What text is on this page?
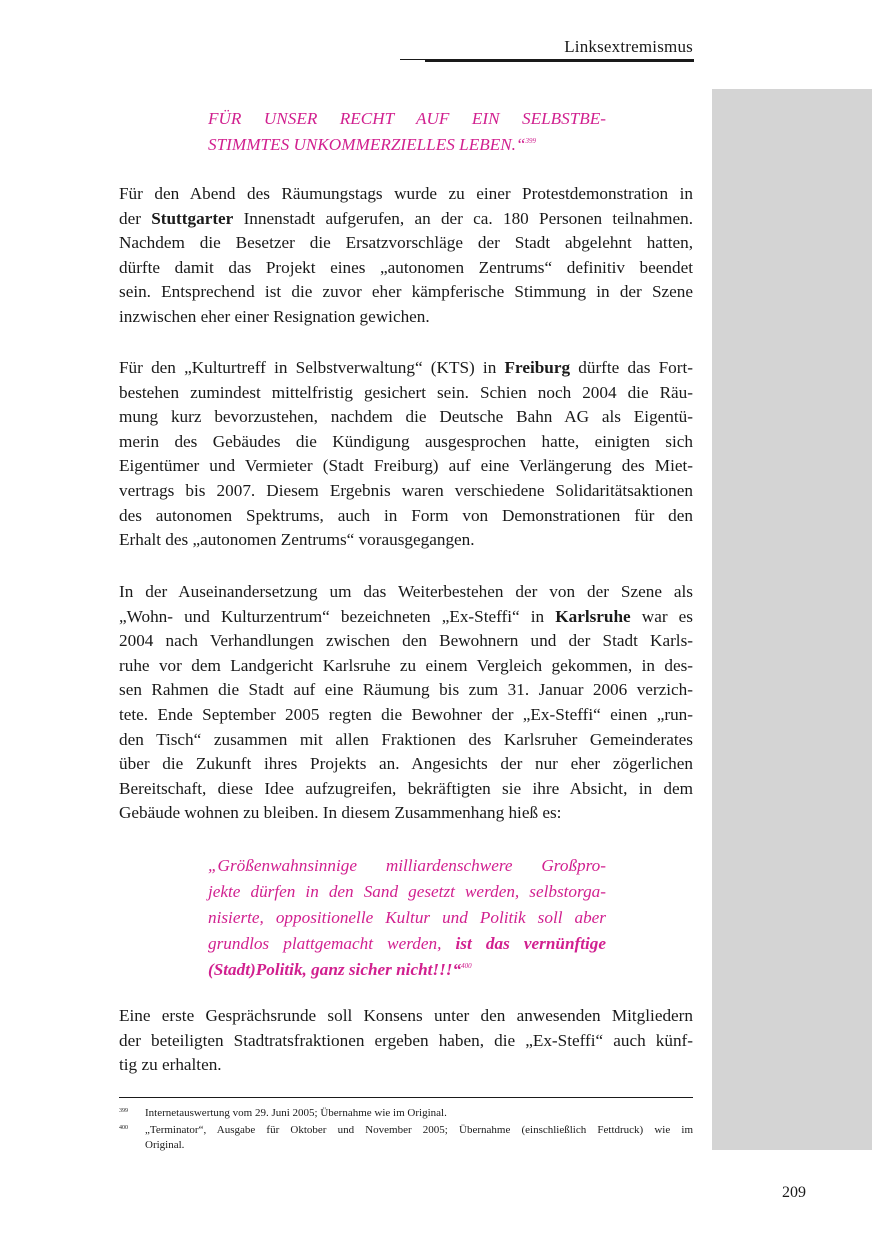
Linksextremismus
FÜR UNSER RECHT AUF EIN SELBSTBE-
STIMMTES UNKOMMERZIELLES LEBEN.“$^{399}$
Für den Abend des Räumungstags wurde zu einer Protestdemonstration in
der Stuttgarter Innenstadt aufgerufen, an der ca. 180 Personen teilnahmen.
Nachdem die Besetzer die Ersatzvorschläge der Stadt abgelehnt hatten,
dürfte damit das Projekt eines „autonomen Zentrums“ definitiv beendet
sein. Entsprechend ist die zuvor eher kämpferische Stimmung in der Szene
inzwischen eher einer Resignation gewichen.
Für den „Kulturtreff in Selbstverwaltung“ (KTS) in Freiburg dürfte das Fort-
bestehen zumindest mittelfristig gesichert sein. Schien noch 2004 die Räu-
mung kurz bevorzustehen, nachdem die Deutsche Bahn AG als Eigentü-
merin des Gebäudes die Kündigung ausgesprochen hatte, einigten sich
Eigentümer und Vermieter (Stadt Freiburg) auf eine Verlängerung des Miet-
vertrags bis 2007. Diesem Ergebnis waren verschiedene Solidaritätsaktionen
des autonomen Spektrums, auch in Form von Demonstrationen für den
Erhalt des „autonomen Zentrums“ vorausgegangen.
In der Auseinandersetzung um das Weiterbestehen der von der Szene als
„Wohn- und Kulturzentrum“ bezeichneten „Ex-Steffi“ in Karlsruhe war es
2004 nach Verhandlungen zwischen den Bewohnern und der Stadt Karls-
ruhe vor dem Landgericht Karlsruhe zu einem Vergleich gekommen, in des-
sen Rahmen die Stadt auf eine Räumung bis zum 31. Januar 2006 verzich-
tete. Ende September 2005 regten die Bewohner der „Ex-Steffi“ einen „run-
den Tisch“ zusammen mit allen Fraktionen des Karlsruher Gemeinderates
über die Zukunft ihres Projekts an. Angesichts der nur eher zögerlichen
Bereitschaft, diese Idee aufzugreifen, bekräftigten sie ihre Absicht, in dem
Gebäude wohnen zu bleiben. In diesem Zusammenhang hieß es:
„Größenwahnsinnige milliardenschwere Großpro-
jekte dürfen in den Sand gesetzt werden, selbstorga-
nisierte, oppositionelle Kultur und Politik soll aber
grundlos plattgemacht werden, ist das vernünftige
(Stadt)Politik, ganz sicher nicht!!!“$^{400}$
Eine erste Gesprächsrunde soll Konsens unter den anwesenden Mitgliedern
der beteiligten Stadtratsfraktionen ergeben haben, die „Ex-Steffi“ auch künf-
tig zu erhalten.
399 Internetauswertung vom 29. Juni 2005; Übernahme wie im Original.
400 „Terminator“, Ausgabe für Oktober und November 2005; Übernahme (einschließlich Fettdruck) wie im
Original.
209
